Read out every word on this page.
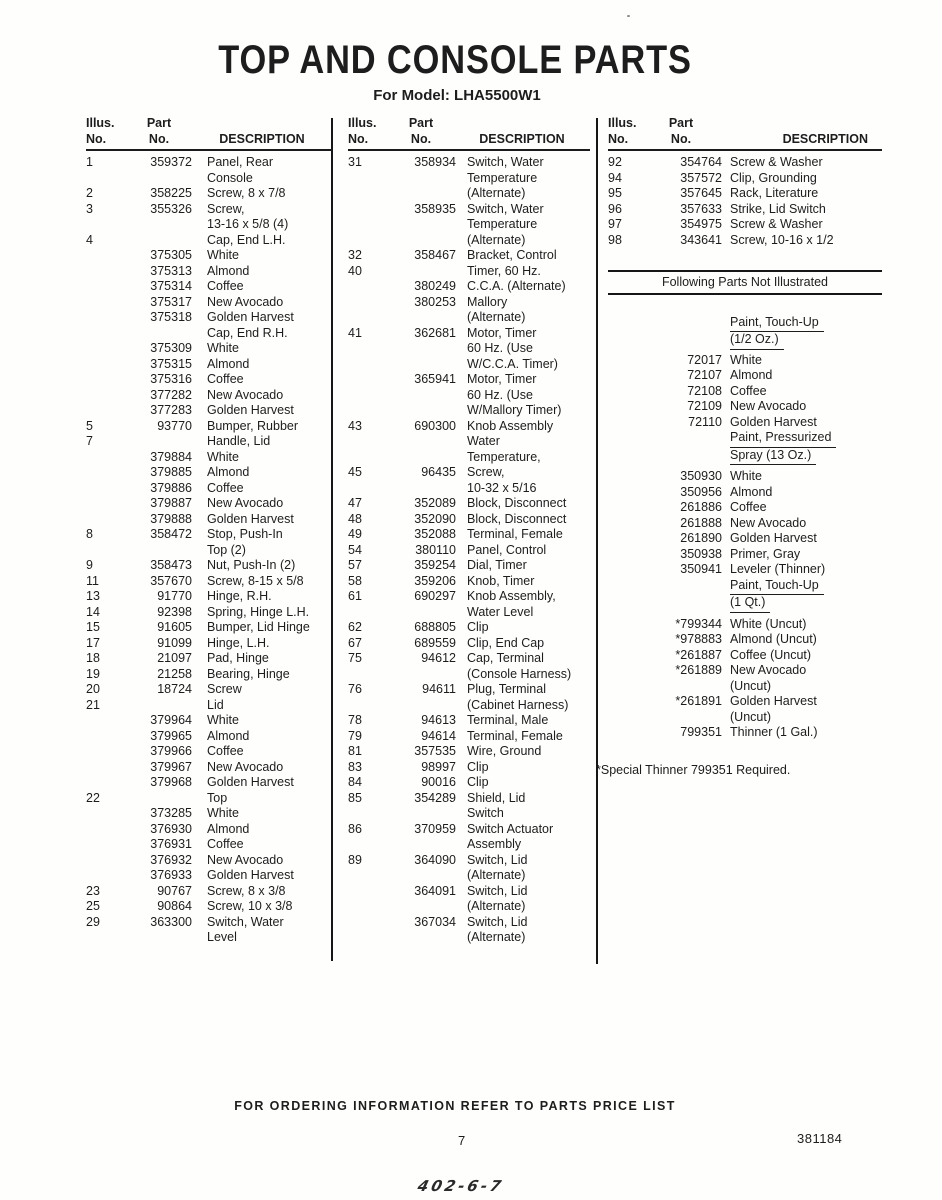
TOP AND CONSOLE PARTS
For Model: LHA5500W1
Illus.
No.
Part
No.	DESCRIPTION
1	359372 Panel, Rear
Console
2	358225 Screw, 8 x 7/8
3	355326 Screw,
13-16 x 5/8 (4)
4	Cap, End L.H.
375305 White
375313 Almond
375314 Coffee
375317 New Avocado
375318 Golden Harvest
Cap, End R.H.
375309 White
375315 Almond
375316 Coffee
377282 New Avocado
377283 Golden Harvest
5	93770 Bumper, Rubber
7	Handle, Lid
379884 White
379885 Almond
379886 Coffee
379887 New Avocado
379888 Golden Harvest
8	358472 Stop, Push-In
Top (2)
9	358473 Nut, Push-In (2)
11	357670 Screw, 8-15 x 5/8
13	91770 Hinge, R.H.
14	92398 Spring, Hinge L.H.
15	91605 Bumper, Lid Hinge
17	91099 Hinge, L.H.
18	21097 Pad, Hinge
19	21258 Bearing, Hinge
20	18724 Screw
21	Lid
379964 White
379965 Almond
379966 Coffee
379967 New Avocado
379968 Golden Harvest
22	Top
373285 White
376930 Almond
376931 Coffee
376932 New Avocado
376933 Golden Harvest
23	90767 Screw, 8 x 3/8
25	90864 Screw, 10 x 3/8
29	363300 Switch, Water
Level
Illus.
No.
Part
No.	DESCRIPTION
31	358934 Switch, Water
Temperature
(Alternate)
358935 Switch, Water
Temperature
(Alternate)
32	358467 Bracket, Control
40	Timer, 60 Hz.
380249 C.C.A. (Alternate)
380253 Mallory
(Alternate)
41	362681 Motor, Timer
60 Hz. (Use
W/C.C.A. Timer)
365941 Motor, Timer
60 Hz. (Use
W/Mallory Timer)
43	690300 Knob Assembly
Water
Temperature,
45	96435 Screw,
10-32 x 5/16
47	352089 Block, Disconnect
48	352090 Block, Disconnect
49	352088 Terminal, Female
54	380110 Panel, Control
57	359254 Dial, Timer
58	359206 Knob, Timer
61	690297 Knob Assembly,
Water Level
62	688805 Clip
67	689559 Clip, End Cap
75	94612 Cap, Terminal
(Console Harness)
76	94611 Plug, Terminal
(Cabinet Harness)
78	94613 Terminal, Male
79	94614 Terminal, Female
81	357535 Wire, Ground
83	98997 Clip
84	90016 Clip
85	354289 Shield, Lid
Switch
86	370959 Switch Actuator
Assembly
89	364090 Switch, Lid
(Alternate)
364091 Switch, Lid
(Alternate)
367034 Switch, Lid
(Alternate)
Illus.
No.
Part
No.	DESCRIPTION
92	354764 Screw & Washer
94	357572 Clip, Grounding
95	357645 Rack, Literature
96	357633 Strike, Lid Switch
97	354975 Screw & Washer
98	343641 Screw, 10-16 x 1/2
Following Parts Not Illustrated
Paint, Touch-Up
(1/2 Oz.)
72017 White
72107 Almond
72108 Coffee
72109 New Avocado
72110 Golden Harvest
Paint, Pressurized
Spray (13 Oz.)
350930 White
350956 Almond
261886 Coffee
261888 New Avocado
261890 Golden Harvest
350938 Primer, Gray
350941 Leveler (Thinner)
Paint, Touch-Up
(1 Qt.)
*799344 White (Uncut)
*978883 Almond (Uncut)
*261887 Coffee (Uncut)
*261889 New Avocado
(Uncut)
*261891 Golden Harvest
(Uncut)
799351 Thinner (1 Gal.)
*Special Thinner 799351 Required.
FOR ORDERING INFORMATION REFER TO PARTS PRICE LIST
7	381184
402-6-7
